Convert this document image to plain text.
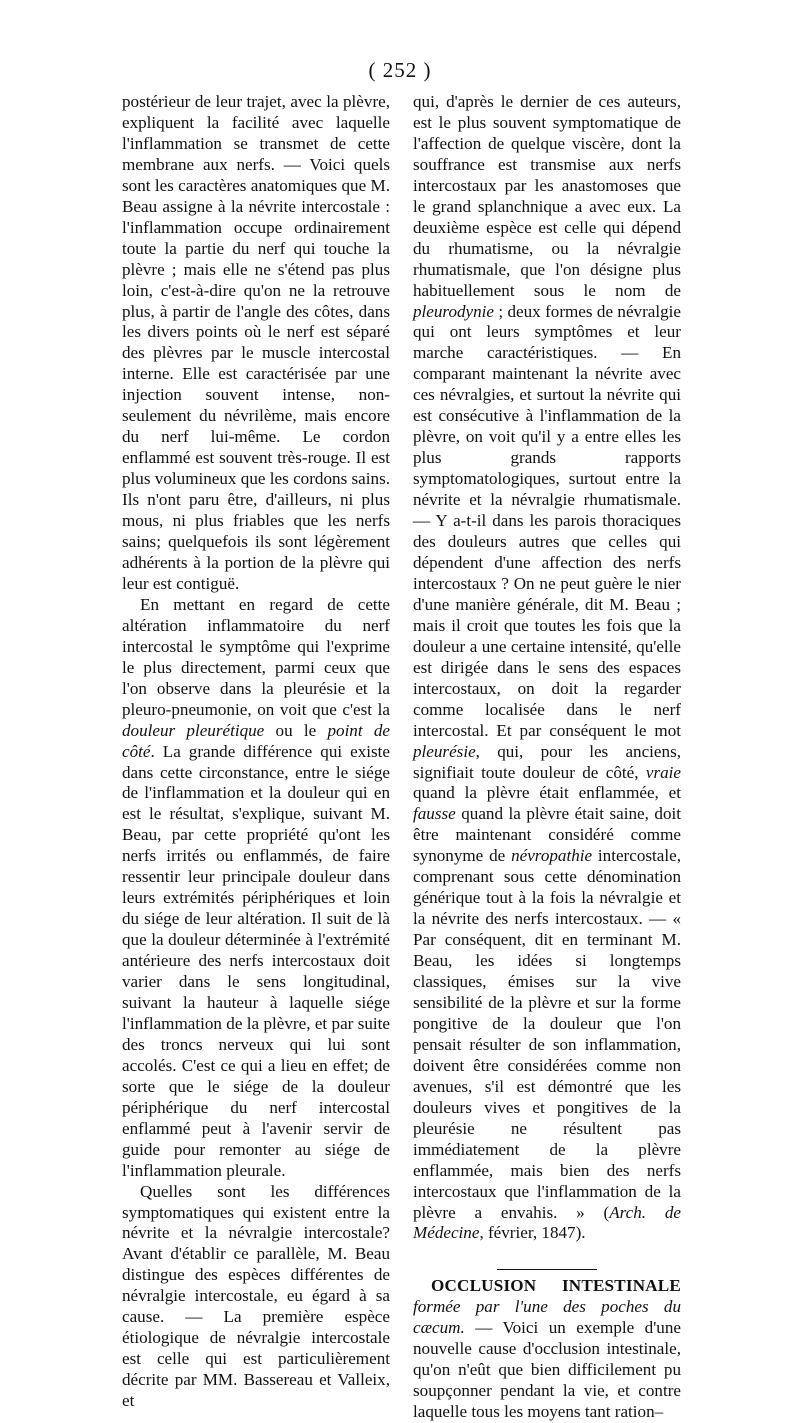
( 252 )

postérieur de leur trajet, avec la plèvre, expliquent la facilité avec laquelle l'inflammation se transmet de cette membrane aux nerfs. — Voici quels sont les caractères anatomiques que M. Beau assigne à la névrite intercostale : l'inflammation occupe ordinairement toute la partie du nerf qui touche la plèvre ; mais elle ne s'étend pas plus loin, c'est-à-dire qu'on ne la retrouve plus, à partir de l'angle des côtes, dans les divers points où le nerf est séparé des plèvres par le muscle intercostal interne. Elle est caractérisée par une injection souvent intense, non-seulement du névrilème, mais encore du nerf lui-même. Le cordon enflammé est souvent très-rouge. Il est plus volumineux que les cordons sains. Ils n'ont paru être, d'ailleurs, ni plus mous, ni plus friables que les nerfs sains; quelquefois ils sont légèrement adhérents à la portion de la plèvre qui leur est contiguë.

En mettant en regard de cette altération inflammatoire du nerf intercostal le symptôme qui l'exprime le plus directement, parmi ceux que l'on observe dans la pleurésie et la pleuro-pneumonie, on voit que c'est la douleur pleurétique ou le point de côté. La grande différence qui existe dans cette circonstance, entre le siége de l'inflammation et la douleur qui en est le résultat, s'explique, suivant M. Beau, par cette propriété qu'ont les nerfs irrités ou enflammés, de faire ressentir leur principale douleur dans leurs extrémités périphériques et loin du siége de leur altération. Il suit de là que la douleur déterminée à l'extrémité antérieure des nerfs intercostaux doit varier dans le sens longitudinal, suivant la hauteur à laquelle siége l'inflammation de la plèvre, et par suite des troncs nerveux qui lui sont accolés. C'est ce qui a lieu en effet; de sorte que le siége de la douleur périphérique du nerf intercostal enflammé peut à l'avenir servir de guide pour remonter au siége de l'inflammation pleurale.

Quelles sont les différences symptomatiques qui existent entre la névrite et la névralgie intercostale? Avant d'établir ce parallèle, M. Beau distingue des espèces différentes de névralgie intercostale, eu égard à sa cause. — La première espèce étiologique de névralgie intercostale est celle qui est particulièrement décrite par MM. Bassereau et Valleix, et

qui, d'après le dernier de ces auteurs, est le plus souvent symptomatique de l'affection de quelque viscère, dont la souffrance est transmise aux nerfs intercostaux par les anastomoses que le grand splanchnique a avec eux. La deuxième espèce est celle qui dépend du rhumatisme, ou la névralgie rhumatismale, que l'on désigne plus habituellement sous le nom de pleurodynie ; deux formes de névralgie qui ont leurs symptômes et leur marche caractéristiques. — En comparant maintenant la névrite avec ces névralgies, et surtout la névrite qui est consécutive à l'inflammation de la plèvre, on voit qu'il y a entre elles les plus grands rapports symptomatologiques, surtout entre la névrite et la névralgie rhumatismale. — Y a-t-il dans les parois thoraciques des douleurs autres que celles qui dépendent d'une affection des nerfs intercostaux ? On ne peut guère le nier d'une manière générale, dit M. Beau ; mais il croit que toutes les fois que la douleur a une certaine intensité, qu'elle est dirigée dans le sens des espaces intercostaux, on doit la regarder comme localisée dans le nerf intercostal. Et par conséquent le mot pleurésie, qui, pour les anciens, signifiait toute douleur de côté, vraie quand la plèvre était enflammée, et fausse quand la plèvre était saine, doit être maintenant considéré comme synonyme de névropathie intercostale, comprenant sous cette dénomination générique tout à la fois la névralgie et la névrite des nerfs intercostaux. — « Par conséquent, dit en terminant M. Beau, les idées si longtemps classiques, émises sur la vive sensibilité de la plèvre et sur la forme pongitive de la douleur que l'on pensait résulter de son inflammation, doivent être considérées comme non avenues, s'il est démontré que les douleurs vives et pongitives de la pleurésie ne résultent pas immédiatement de la plèvre enflammée, mais bien des nerfs intercostaux que l'inflammation de la plèvre a envahis. » (Arch. de Médecine, février, 1847).

OCCLUSION INTESTINALE formée par l'une des poches du cæcum. — Voici un exemple d'une nouvelle cause d'occlusion intestinale, qu'on n'eût que bien difficilement pu soupçonner pendant la vie, et contre laquelle tous les moyens tant ration–
